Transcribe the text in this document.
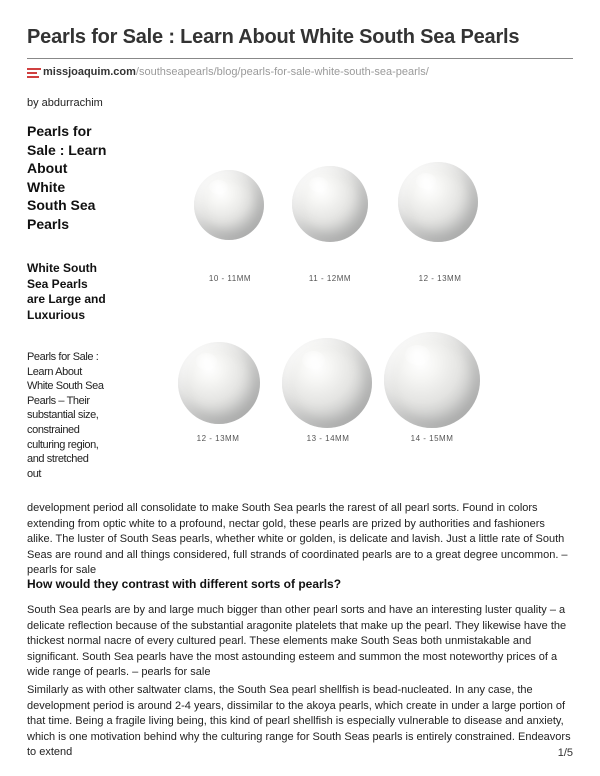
Pearls for Sale : Learn About White South Sea Pearls
missjoaquim.com /southseapearls/blog/pearls-for-sale-white-south-sea-pearls/
by abdurrachim
Pearls for Sale : Learn About White South Sea Pearls
White South Sea Pearls are Large and Luxurious
Pearls for Sale : Learn About White South Sea Pearls – Their substantial size, constrained culturing region, and stretched out
10 - 11MM	11 - 12MM	12 - 13MM
12 - 13MM	13 - 14MM	14 - 15MM

development period all consolidate to make South Sea pearls the rarest of all pearl sorts. Found in colors extending from optic white to a profound, nectar gold, these pearls are prized by authorities and fashioners alike. The luster of South Seas pearls, whether white or golden, is delicate and lavish. Just a little rate of South Seas are round and all things considered, full strands of coordinated pearls are to a great degree uncommon. – pearls for sale

How would they contrast with different sorts of pearls?

South Sea pearls are by and large much bigger than other pearl sorts and have an interesting luster quality – a delicate reflection because of the substantial aragonite platelets that make up the pearl. They likewise have the thickest normal nacre of every cultured pearl. These elements make South Seas both unmistakable and significant. South Sea pearls have the most astounding esteem and summon the most noteworthy prices of a wide range of pearls. – pearls for sale

Similarly as with other saltwater clams, the South Sea pearl shellfish is bead-nucleated. In any case, the development period is around 2-4 years, dissimilar to the akoya pearls, which create in under a large portion of that time. Being a fragile living being, this kind of pearl shellfish is especially vulnerable to disease and anxiety, which is one motivation behind why the culturing range for South Seas pearls is entirely constrained. Endeavors to extend	1/5
